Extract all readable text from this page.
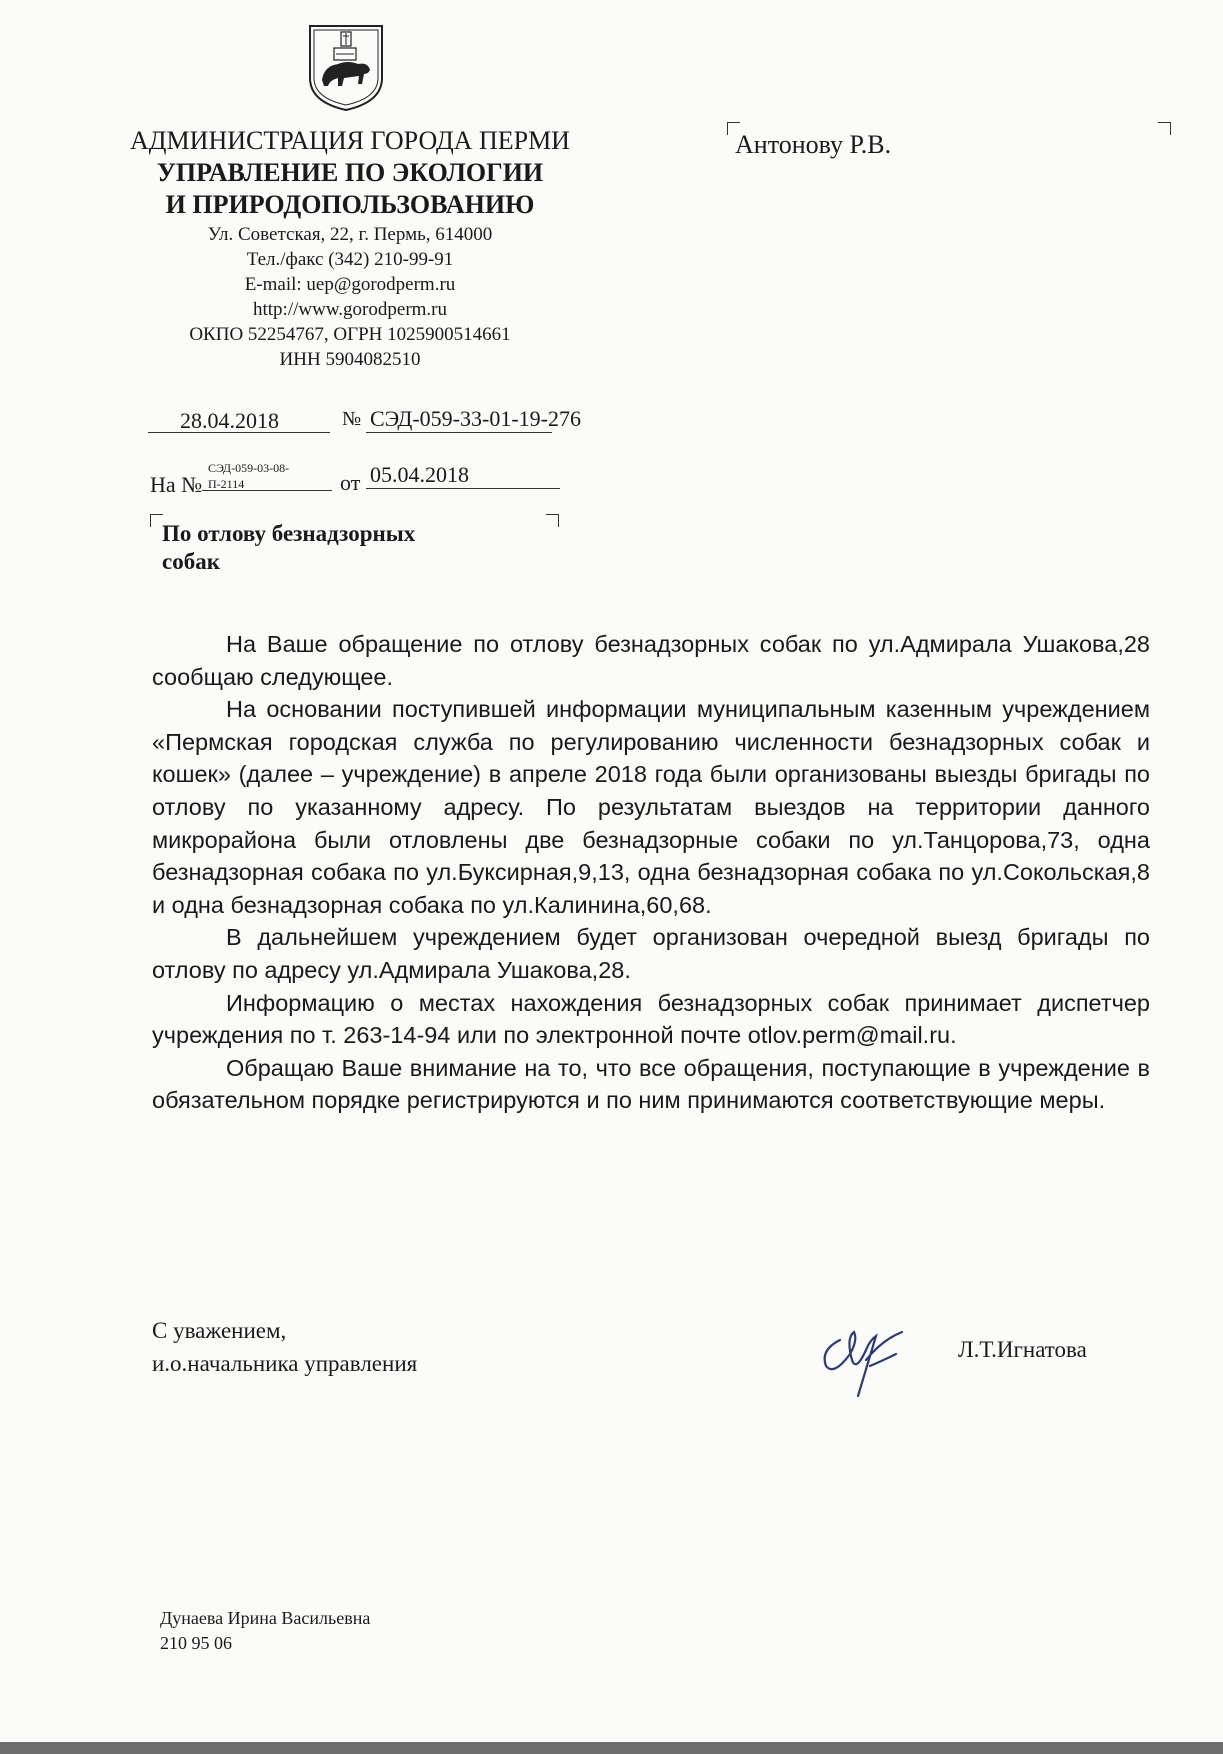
АДМИНИСТРАЦИЯ ГОРОДА ПЕРМИ
УПРАВЛЕНИЕ ПО ЭКОЛОГИИ
И ПРИРОДОПОЛЬЗОВАНИЮ
Ул. Советская, 22, г. Пермь, 614000
Тел./факс (342) 210-99-91
E-mail: uep@gorodperm.ru
http://www.gorodperm.ru
ОКПО 52254767, ОГРН 1025900514661
ИНН 5904082510
Антонову Р.В.
28.04.2018	№ СЭД-059-33-01-19-276
На №
СЭД-059-03-08-П-2114	от 05.04.2018
По отлову безнадзорных
собак

На Ваше обращение по отлову безнадзорных собак по ул.Адмирала Ушакова,28 сообщаю следующее.

На основании поступившей информации муниципальным казенным учреждением «Пермская городская служба по регулированию численности безнадзорных собак и кошек» (далее – учреждение) в апреле 2018 года были организованы выезды бригады по отлову по указанному адресу. По результатам выездов на территории данного микрорайона были отловлены две безнадзорные собаки по ул.Танцорова,73, одна безнадзорная собака по ул.Буксирная,9,13, одна безнадзорная собака по ул.Сокольская,8 и одна безнадзорная собака по ул.Калинина,60,68.

В дальнейшем учреждением будет организован очередной выезд бригады по отлову по адресу ул.Адмирала Ушакова,28.

Информацию о местах нахождения безнадзорных собак принимает диспетчер учреждения по т. 263-14-94 или по электронной почте otlov.perm@mail.ru.

Обращаю Ваше внимание на то, что все обращения, поступающие в учреждение в обязательном порядке регистрируются и по ним принимаются соответствующие меры.

С уважением,
и.о.начальника управления
Л.Т.Игнатова
Дунаева Ирина Васильевна
210 95 06
